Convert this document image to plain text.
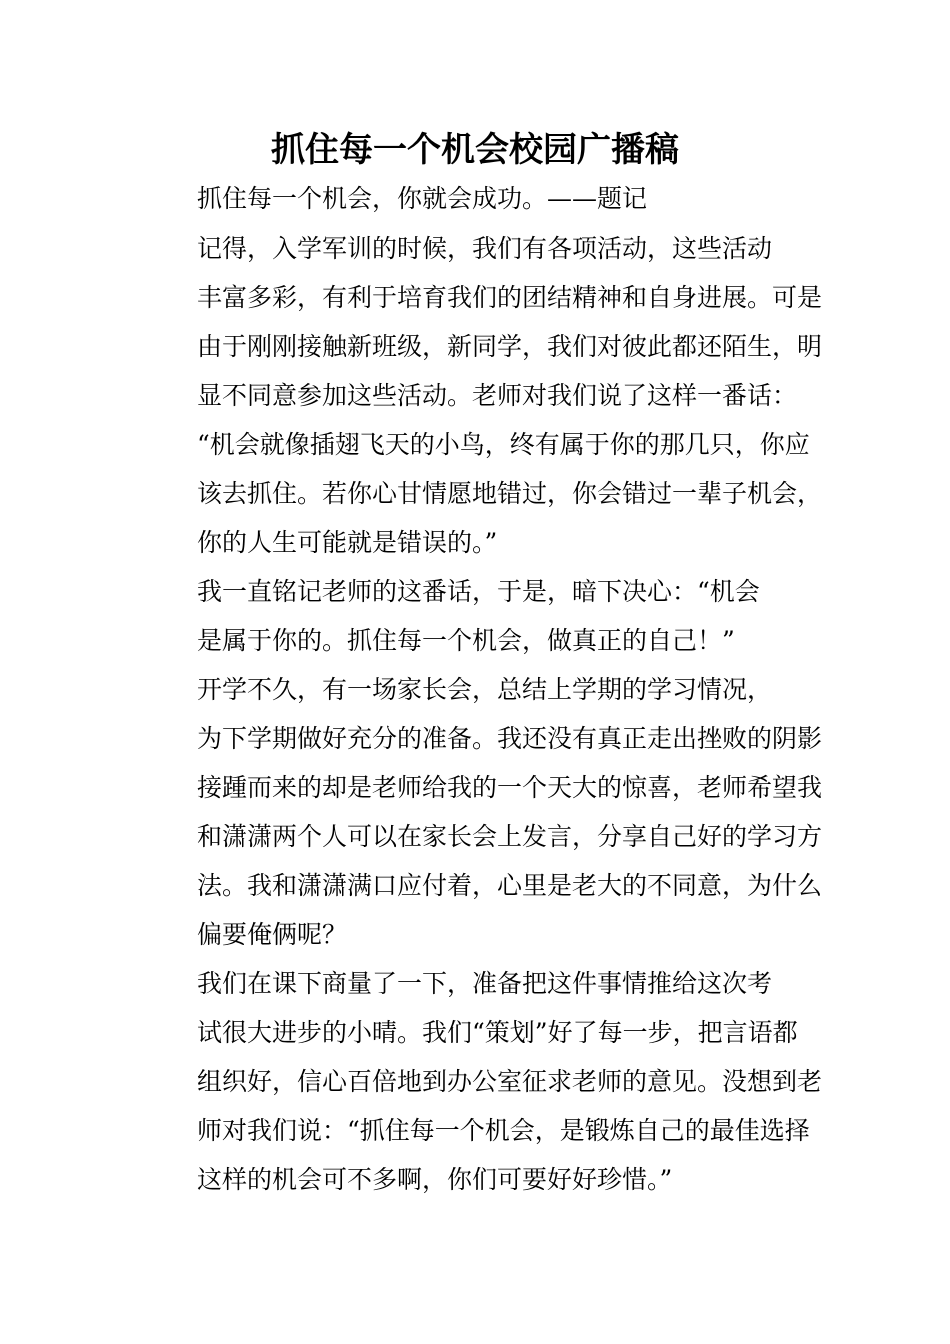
抓住每一个机会校园广播稿

抓住每一个机会，你就会成功。——题记

记得，入学军训的时候，我们有各项活动，这些活动
丰富多彩，有利于培育我们的团结精神和自身进展。可是
由于刚刚接触新班级，新同学，我们对彼此都还陌生，明
显不同意参加这些活动。老师对我们说了这样一番话：
“机会就像插翅飞天的小鸟，终有属于你的那几只，你应
该去抓住。若你心甘情愿地错过，你会错过一辈子机会，
你的人生可能就是错误的。”

我一直铭记老师的这番话，于是，暗下决心：“机会
是属于你的。抓住每一个机会，做真正的自己！”

开学不久，有一场家长会，总结上学期的学习情况，
为下学期做好充分的准备。我还没有真正走出挫败的阴影
接踵而来的却是老师给我的一个天大的惊喜，老师希望我
和潇潇两个人可以在家长会上发言，分享自己好的学习方
法。我和潇潇满口应付着，心里是老大的不同意，为什么
偏要俺俩呢？

我们在课下商量了一下，准备把这件事情推给这次考
试很大进步的小晴。我们“策划”好了每一步，把言语都
组织好，信心百倍地到办公室征求老师的意见。没想到老
师对我们说：“抓住每一个机会，是锻炼自己的最佳选择
这样的机会可不多啊，你们可要好好珍惜。”
